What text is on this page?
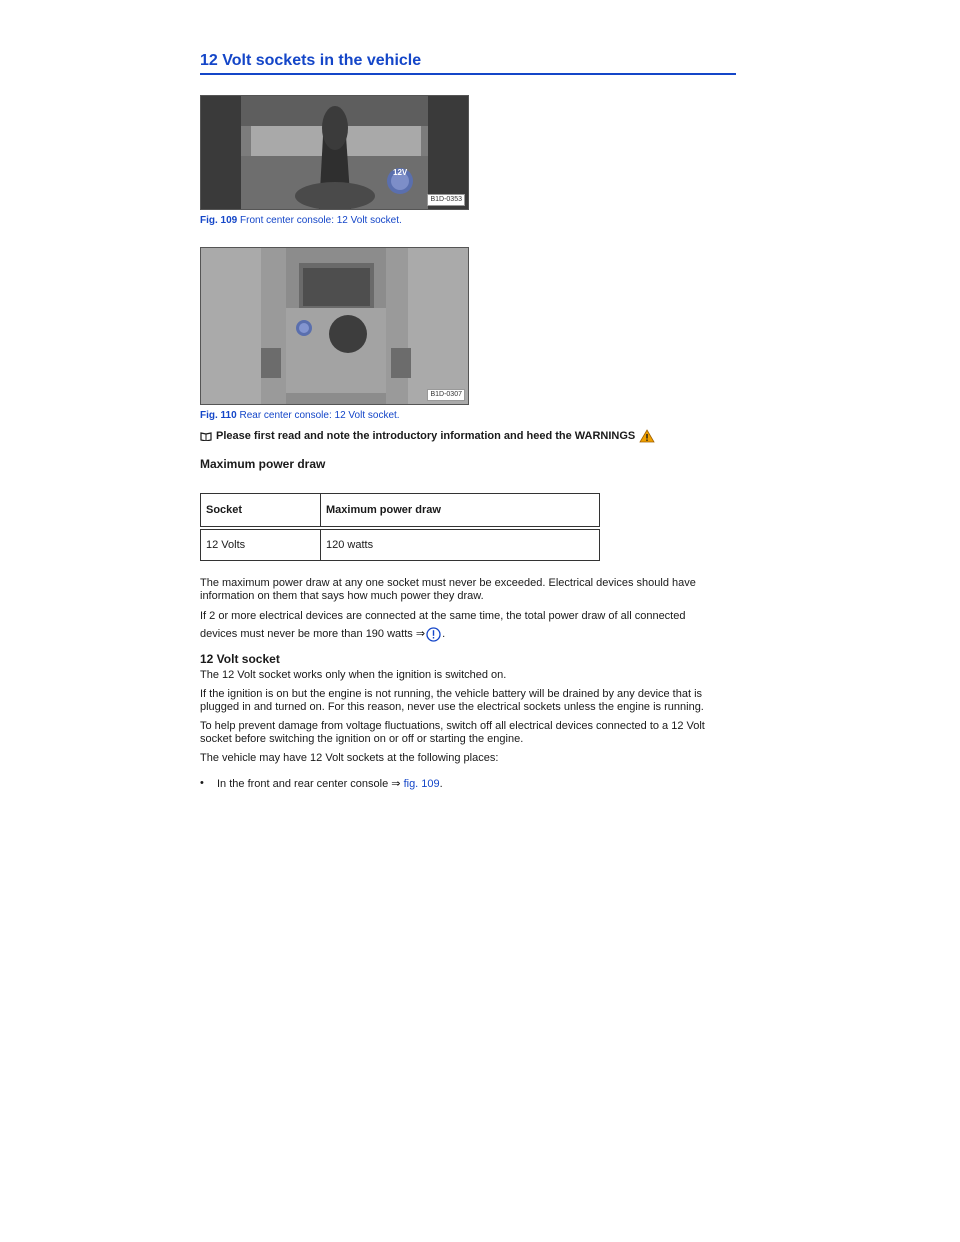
12 Volt sockets in the vehicle
12V
B1D-0353
Fig. 109 Front center console: 12 Volt socket.
B1D-0307
Fig. 110 Rear center console: 12 Volt socket.
Please first read and note the introductory information and heed the WARNINGS
Maximum power draw
Socket	Maximum power draw
12 Volts	120 watts

The maximum power draw at any one socket must never be exceeded. Electrical devices should have information on them that says how much power they draw.

If 2 or more electrical devices are connected at the same time, the total power draw of all connected

devices must never be more than 190 watts
⇒ .

12 Volt socket

The 12 Volt socket works only when the ignition is switched on.

If the ignition is on but the engine is not running, the vehicle battery will be drained by any device that is plugged in and turned on. For this reason, never use the electrical sockets unless the engine is running.

To help prevent damage from voltage fluctuations, switch off all electrical devices connected to a 12 Volt socket before switching the ignition on or off or starting the engine.

The vehicle may have 12 Volt sockets at the following places:

•	In the front and rear center console ⇒ fig. 109.
